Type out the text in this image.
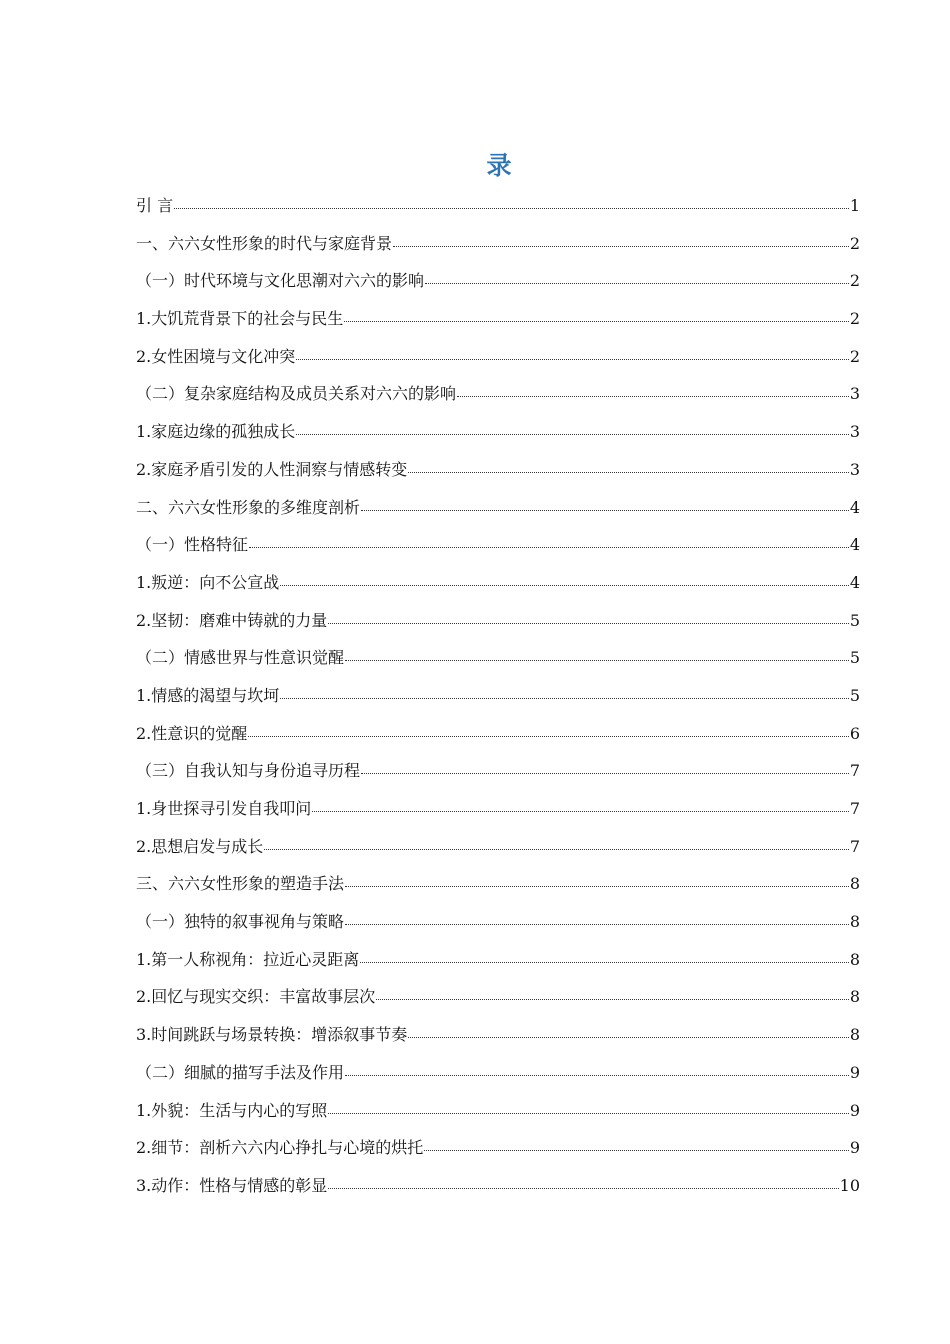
录
引 言	1
一、六六女性形象的时代与家庭背景	2
（一）时代环境与文化思潮对六六的影响	2
1.大饥荒背景下的社会与民生	2
2.女性困境与文化冲突	2
（二）复杂家庭结构及成员关系对六六的影响	3
1.家庭边缘的孤独成长	3
2.家庭矛盾引发的人性洞察与情感转变	3
二、六六女性形象的多维度剖析	4
（一）性格特征	4
1.叛逆：向不公宣战	4
2.坚韧：磨难中铸就的力量	5
（二）情感世界与性意识觉醒	5
1.情感的渴望与坎坷	5
2.性意识的觉醒	6
（三）自我认知与身份追寻历程	7
1.身世探寻引发自我叩问	7
2.思想启发与成长	7
三、六六女性形象的塑造手法	8
（一）独特的叙事视角与策略	8
1.第一人称视角：拉近心灵距离	8
2.回忆与现实交织：丰富故事层次	8
3.时间跳跃与场景转换：增添叙事节奏	8
（二）细腻的描写手法及作用	9
1.外貌：生活与内心的写照	9
2.细节：剖析六六内心挣扎与心境的烘托	9
3.动作：性格与情感的彰显	10
